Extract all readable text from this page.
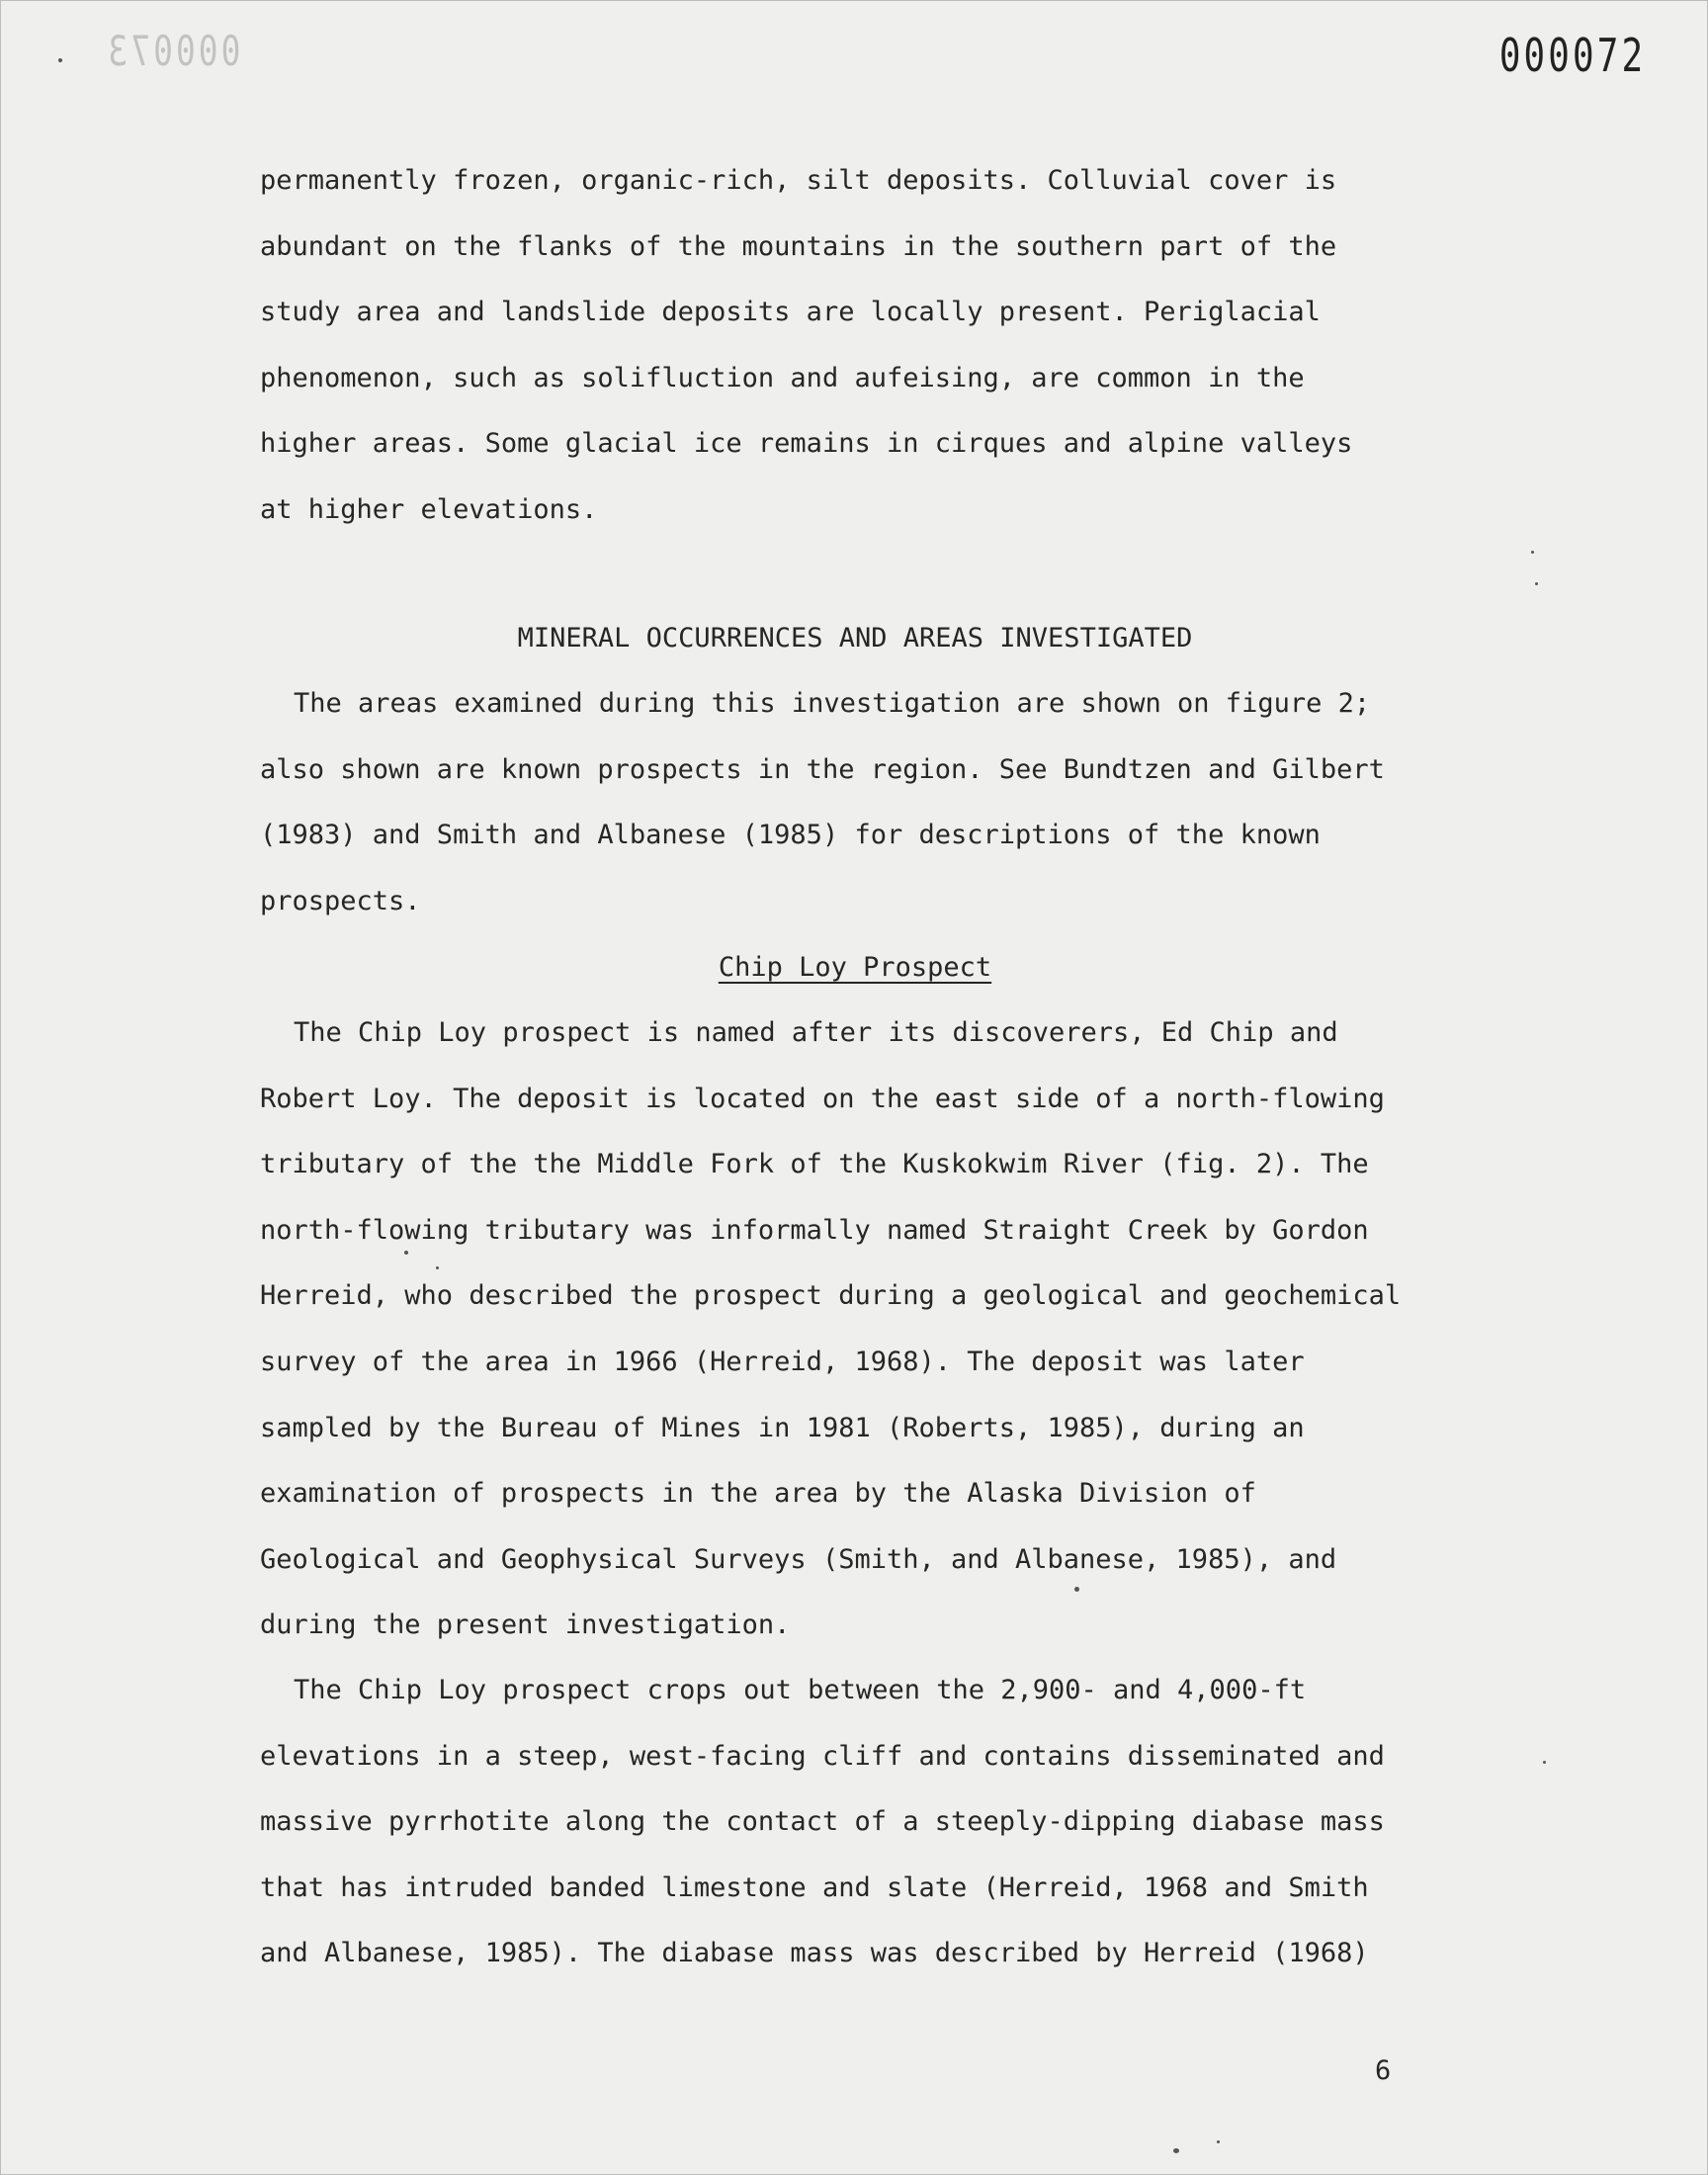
000073	000072
permanently frozen, organic-rich, silt deposits. Colluvial cover is
abundant on the flanks of the mountains in the southern part of the
study area and landslide deposits are locally present. Periglacial
phenomenon, such as solifluction and aufeising, are common in the
higher areas. Some glacial ice remains in cirques and alpine valleys
at higher elevations.
MINERAL OCCURRENCES AND AREAS INVESTIGATED
The areas examined during this investigation are shown on figure 2;
also shown are known prospects in the region. See Bundtzen and Gilbert
(1983) and Smith and Albanese (1985) for descriptions of the known
prospects.
Chip Loy Prospect
The Chip Loy prospect is named after its discoverers, Ed Chip and
Robert Loy. The deposit is located on the east side of a north-flowing
tributary of the the Middle Fork of the Kuskokwim River (fig. 2). The
north-flowing tributary was informally named Straight Creek by Gordon
Herreid, who described the prospect during a geological and geochemical
survey of the area in 1966 (Herreid, 1968). The deposit was later
sampled by the Bureau of Mines in 1981 (Roberts, 1985), during an
examination of prospects in the area by the Alaska Division of
Geological and Geophysical Surveys (Smith, and Albanese, 1985), and
during the present investigation.
The Chip Loy prospect crops out between the 2,900- and 4,000-ft
elevations in a steep, west-facing cliff and contains disseminated and
massive pyrrhotite along the contact of a steeply-dipping diabase mass
that has intruded banded limestone and slate (Herreid, 1968 and Smith
and Albanese, 1985). The diabase mass was described by Herreid (1968)
6
